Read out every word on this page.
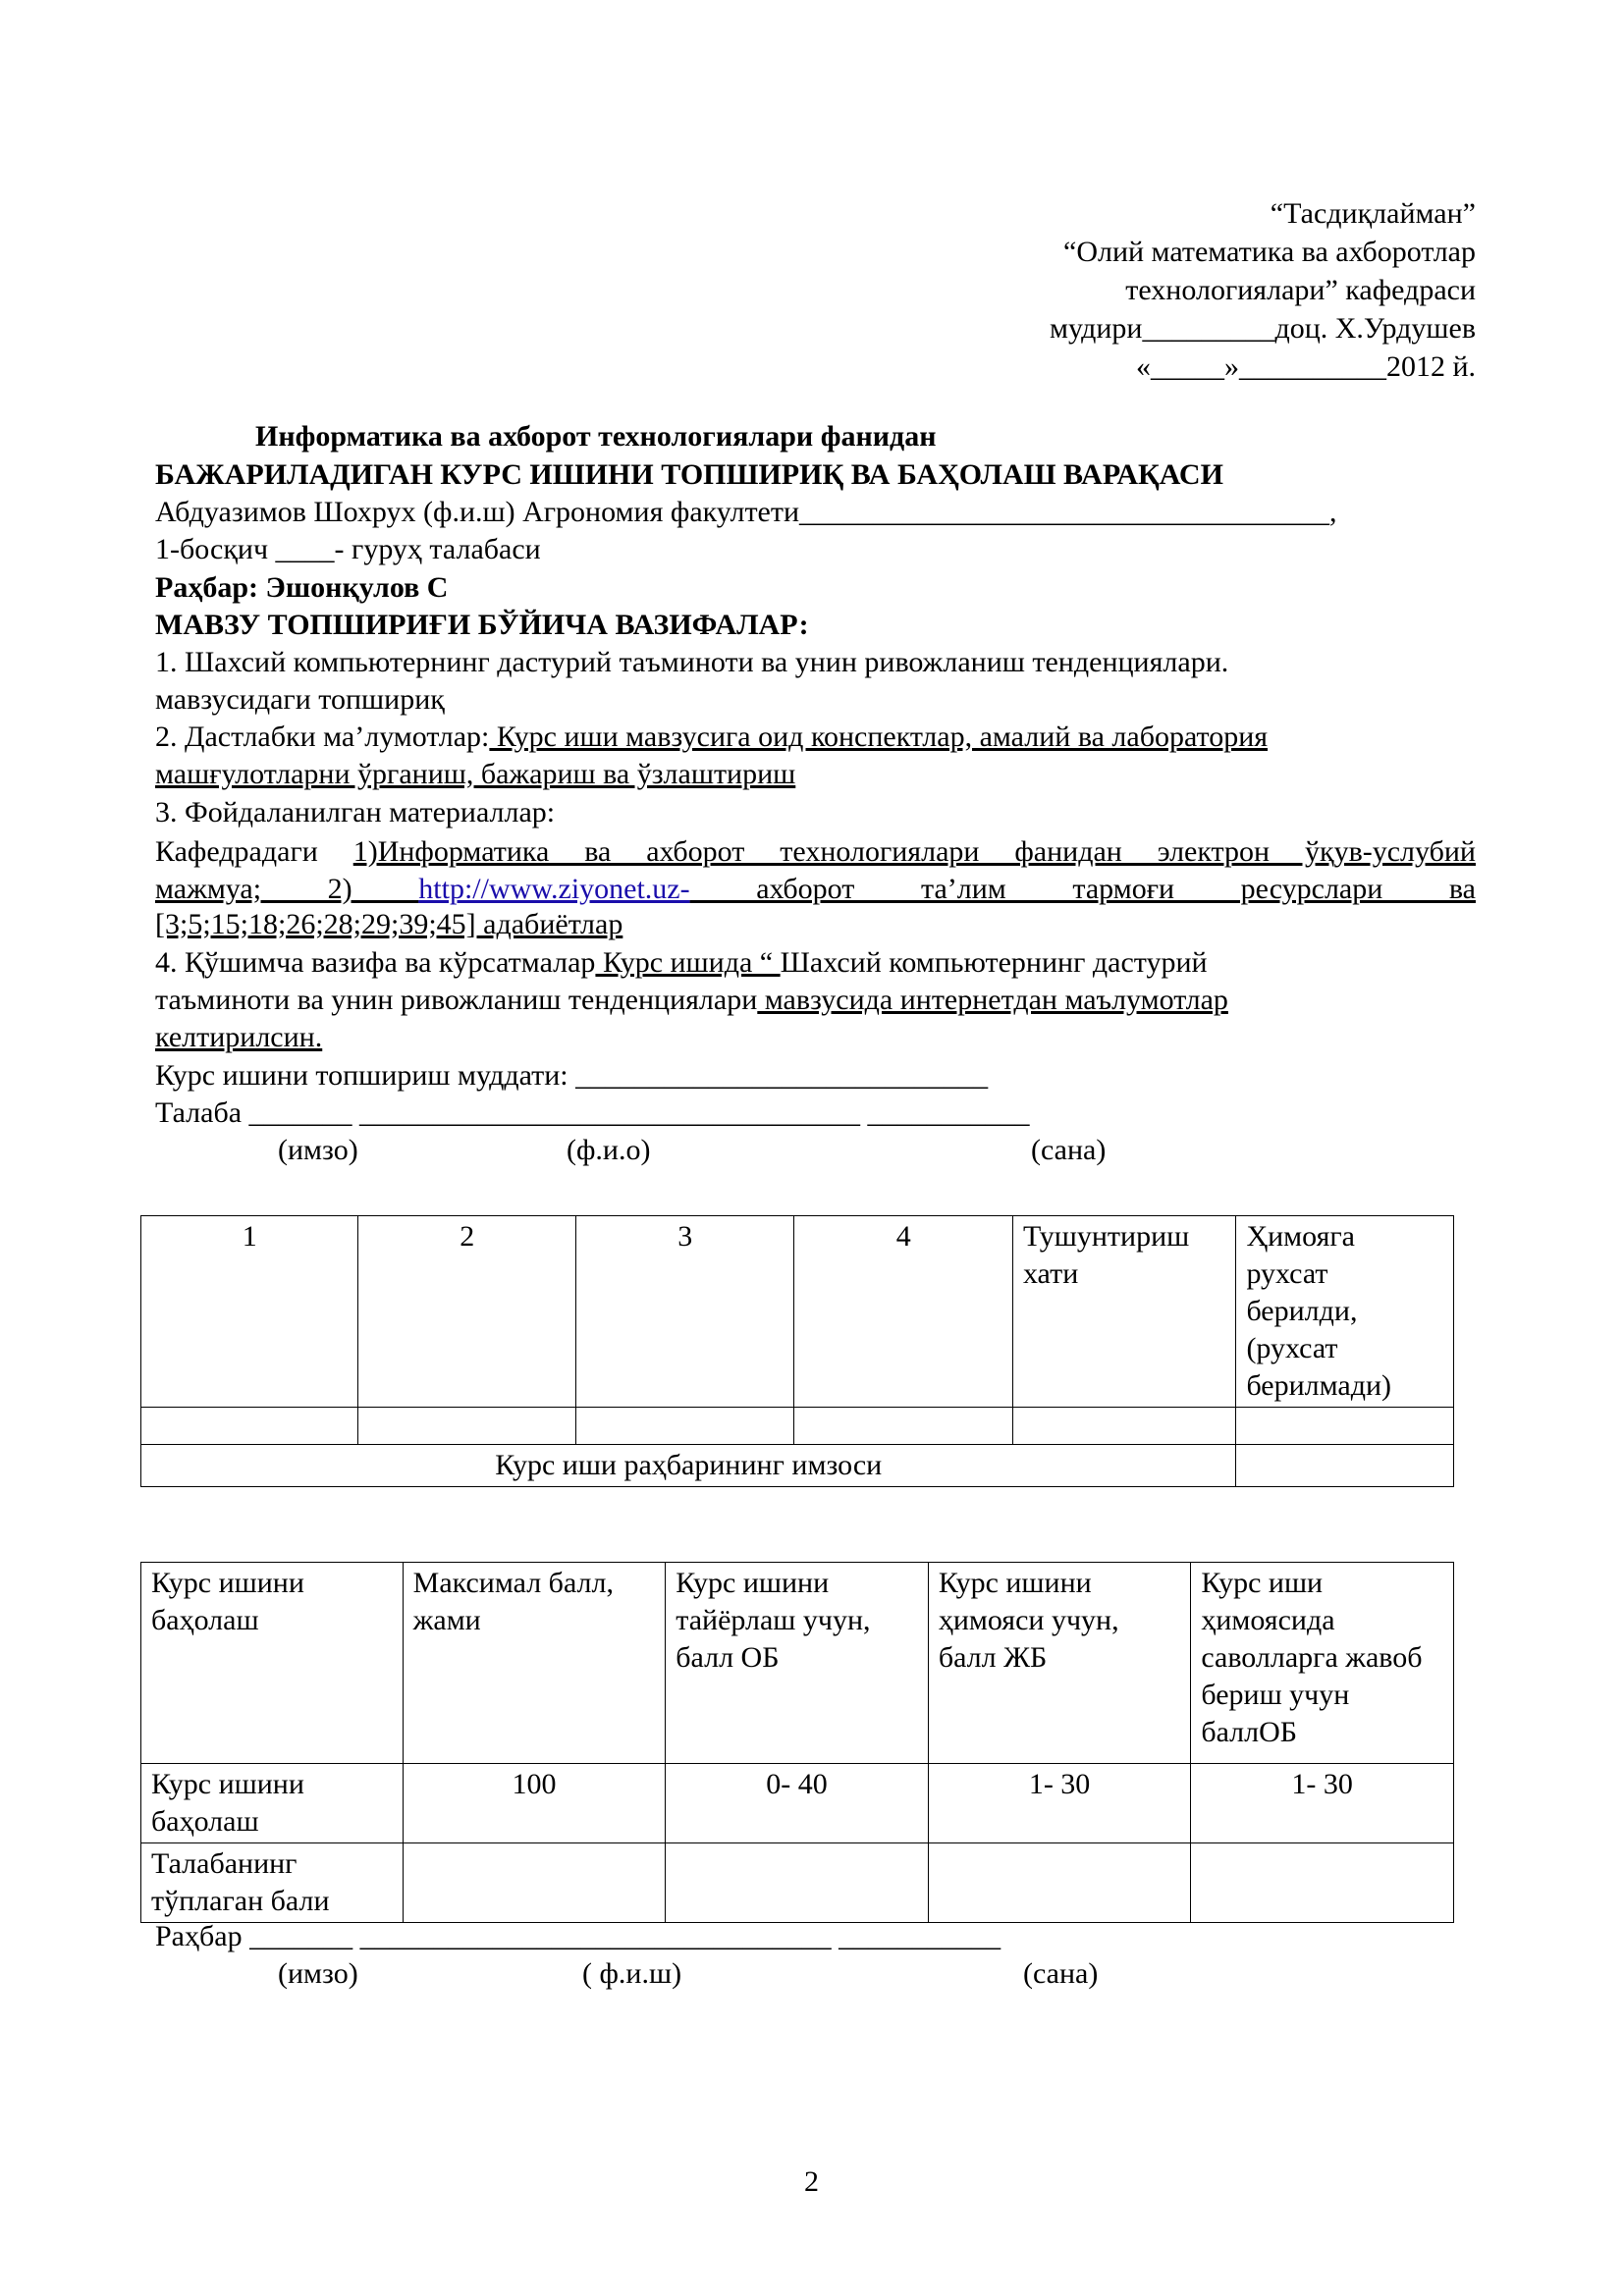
“Тасдиқлайман”
“Олий математика ва ахборотлар
технологиялари” кафедраси
мудири_________доц. Х.Урдушев
«_____»__________2012 й.
Информатика ва ахборот технологиялари фанидан
БАЖАРИЛАДИГАН КУРС ИШИНИ ТОПШИРИҚ ВА БАҲОЛАШ ВАРАҚАСИ
Абдуазимов Шохрух (ф.и.ш) Агрономия факултети____________________________________,
1-босқич ____- гуруҳ талабаси
Раҳбар: Эшонқулов С
МАВЗУ ТОПШИРИҒИ БЎЙИЧА ВАЗИФАЛАР:
1. Шахсий компьютернинг дастурий таъминоти ва унин ривожланиш тенденциялари.
мавзусидаги топшириқ
2. Дастлабки ма’лумотлар: Курс иши мавзусига оид конспектлар, амалий ва лаборатория
машғулотларни ўрганиш, бажариш ва ўзлаштириш
3. Фойдаланилган материаллар:
Кафедрадаги 1)Информатика ва ахборот технологиялари фанидан электрон ўқув-услубий
мажмуа; 2) http://www.ziyonet.uz- ахборот та’лим тармоғи ресурслари ва
[3;5;15;18;26;28;29;39;45] адабиётлар
4. Қўшимча вазифа ва кўрсатмалар Курс ишида “ Шахсий компьютернинг дастурий
таъминоти ва унин ривожланиш тенденциялари мавзусида интернетдан маълумотлар
келтирилсин.
Курс ишини топшириш муддати: ____________________________
Талаба _______ __________________________________ ___________
(имзо)	(ф.и.о)	(сана)
1	2	3	4	Тушунтириш хати	Ҳимояга рухсат берилди, (рухсат берилмади)

Курс иши раҳбарининг имзоси					
Курс ишини баҳолаш	Максимал балл, жами	Курс ишини тайёрлаш учун, балл ОБ	Курс ишини ҳимояси учун, балл ЖБ	Курс иши ҳимоясида саволларга жавоб бериш учун баллОБ
Курс ишини баҳолаш	100	0- 40	1- 30	1- 30
Талабанинг тўплаган бали				
Раҳбар _______ ________________________________ ___________
(имзо)	( ф.и.ш)	(сана)
2
